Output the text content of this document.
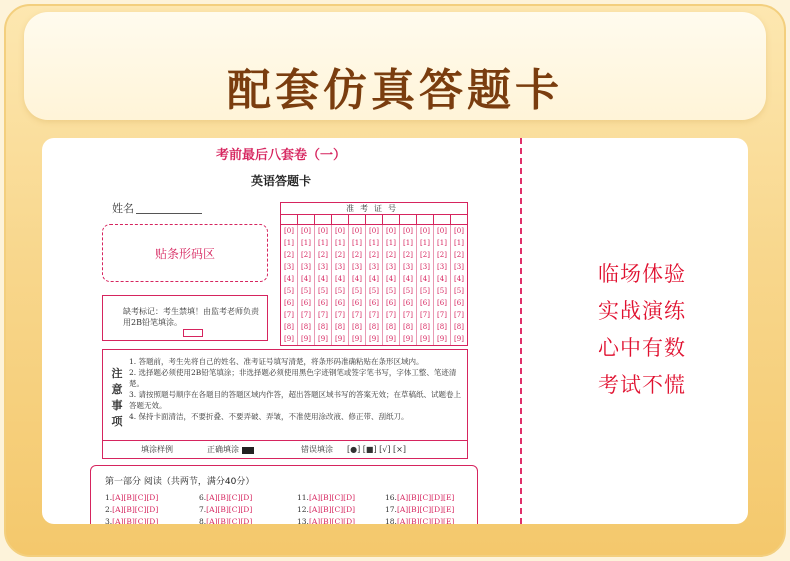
配套仿真答题卡
考前最后八套卷（一）
英语答题卡
姓名
贴条形码区
缺考标记：考生禁填！由监考老师负责用2B铅笔填涂。
准考证号
[0]
[1]
[2]
[3]
[4]
[5]
[6]
[7]
[8]
[9]
[0]
[1]
[2]
[3]
[4]
[5]
[6]
[7]
[8]
[9]
[0]
[1]
[2]
[3]
[4]
[5]
[6]
[7]
[8]
[9]
[0]
[1]
[2]
[3]
[4]
[5]
[6]
[7]
[8]
[9]
[0]
[1]
[2]
[3]
[4]
[5]
[6]
[7]
[8]
[9]
[0]
[1]
[2]
[3]
[4]
[5]
[6]
[7]
[8]
[9]
[0]
[1]
[2]
[3]
[4]
[5]
[6]
[7]
[8]
[9]
[0]
[1]
[2]
[3]
[4]
[5]
[6]
[7]
[8]
[9]
[0]
[1]
[2]
[3]
[4]
[5]
[6]
[7]
[8]
[9]
[0]
[1]
[2]
[3]
[4]
[5]
[6]
[7]
[8]
[9]
[0]
[1]
[2]
[3]
[4]
[5]
[6]
[7]
[8]
[9]
注意事项
1. 答题前，考生先将自己的姓名、准考证号填写清楚，将条形码准确粘贴在条形区域内。
2. 选择题必须使用2B铅笔填涂；非选择题必须使用黑色字迹钢笔或签字笔书写，字体工整、笔迹清楚。
3. 请按照题号顺序在各题目的答题区域内作答，超出答题区域书写的答案无效；在草稿纸、试题卷上答题无效。
4. 保持卡面清洁，不要折叠、不要弄破、弄皱，不准使用涂改液、修正带、刮纸刀。
填涂样例	正确填涂	错误填涂 [●] [■] [√] [×]
第一部分 阅读（共两节，满分40分）
1.[A][B][C][D]
2.[A][B][C][D]
3.[A][B][C][D]
6.[A][B][C][D]
7.[A][B][C][D]
8.[A][B][C][D]
11.[A][B][C][D]
12.[A][B][C][D]
13.[A][B][C][D]
16.[A][B][C][D][E]
17.[A][B][C][D][E]
18.[A][B][C][D][E]
临场体验
实战演练
心中有数
考试不慌
